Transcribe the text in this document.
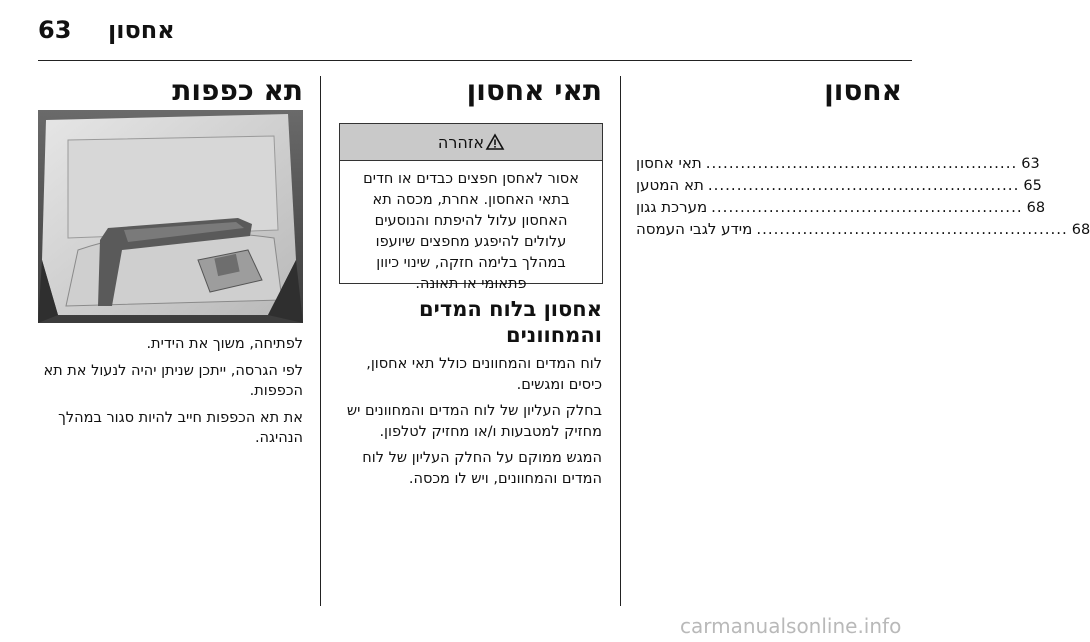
63 אחסון
אחסון
תאי אחסון ...................................................... 63
תא המטען ...................................................... 65
מערכת גגון ...................................................... 68
מידע לגבי העמסה ...................................................... 68
תאי אחסון
אזהרה
אסור לאחסן חפצים כבדים או חדים בתאי האחסון. אחרת, מכסה תא האחסון עלול להיפתח והנוסעים עלולים להיפגע מחפצים שיועפו במהלך בלימה חזקה, שינוי כיוון פתאומי או תאונה.
אחסון בלוח המדים והמחוונים

לוח המדים והמחוונים כולל תאי אחסון, כיסים ומגשים.

בחלק העליון של לוח המדים והמחוונים יש מחזיק למטבעות ו/או מחזיק לטלפון.

המגש ממוקם על החלק העליון של לוח המדים והמחוונים, ויש לו מכסה.

תא כפפות

לפתיחה, משוך את הידית.

לפי הגרסה, ייתכן שניתן יהיה לנעול את תא הכפפות.

את תא הכפפות חייב להיות סגור במהלך הנהיגה.

carmanualsonline.info
